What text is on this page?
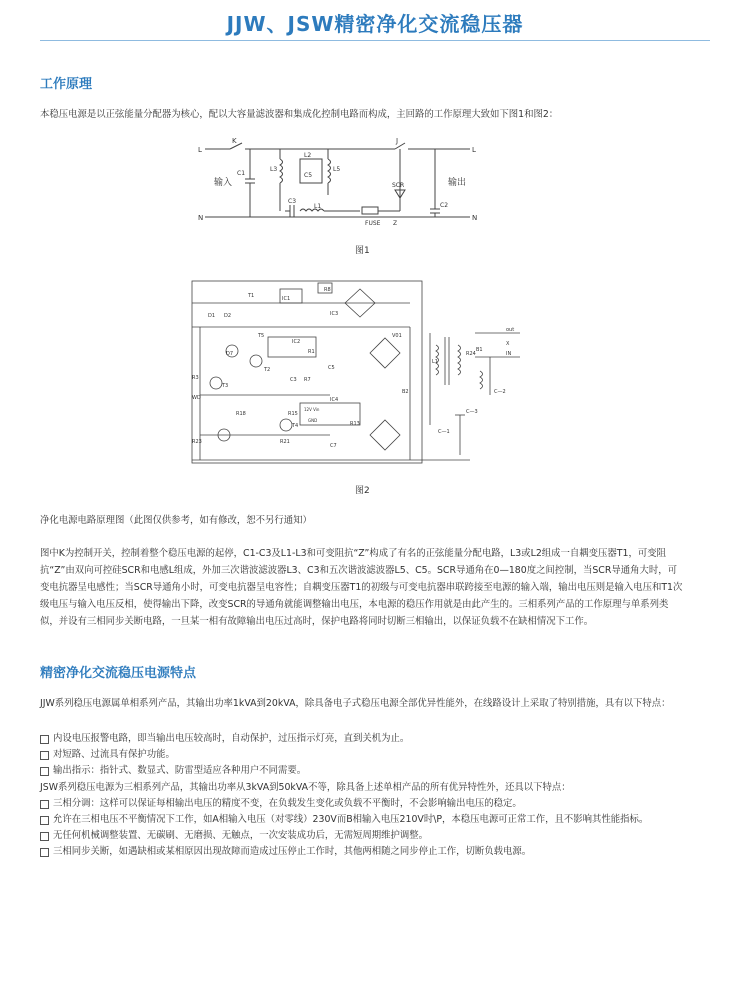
JJW、JSW精密净化交流稳压器
工作原理

本稳压电源是以正弦能量分配器为核心，配以大容量滤波器和集成化控制电路而构成，主回路的工作原理大致如下图1和图2：

L
N
L
N
K	J
C1
L3
L2
C5
L5
C3
L1
FUSE Z
SCR
C2
输入	输出
图1
T1	IC1
R8
IC3
D1 D2
D7
T5
T2
T3
T4
IC2
R1
C3 R7
C5
R3
WD
R18
R23	R21
R15
IC4
12V Vin
GND
R13
C7
V01
B2
L1
R24
B1
out
IN
X
C—2
C—3
C—1
图2

净化电源电路原理图（此图仅供参考，如有修改，恕不另行通知）

图中K为控制开关，控制着整个稳压电源的起停，C1-C3及L1-L3和可变阻抗“Z”构成了有名的正弦能量分配电路，L3或L2组成一自耦变压器T1，可变阻抗“Z”由双向可控硅SCR和电感L组成，外加三次谐波滤波器L3、C3和五次谐波滤波器L5、C5。SCR导通角在0—180度之间控制，当SCR导通角大时，可变电抗器呈电感性；当SCR导通角小时，可变电抗器呈电容性；自耦变压器T1的初级与可变电抗器串联跨接至电源的输入端，输出电压则是输入电压和T1次级电压与输入电压反相，使得输出下降，改变SCR的导通角就能调整输出电压，本电源的稳压作用就是由此产生的。三相系列产品的工作原理与单系列类似，并设有三相同步关断电路，一旦某一相有故障输出电压过高时，保护电路将同时切断三相输出，以保证负载不在缺相情况下工作。

精密净化交流稳压电源特点

JJW系列稳压电源属单相系列产品，其输出功率1kVA到20kVA，除具备电子式稳压电源全部优异性能外，在线路设计上采取了特别措施，具有以下特点：

内设电压报警电路，即当输出电压较高时，自动保护，过压指示灯亮，直到关机为止。
对短路、过流具有保护功能。
输出指示：指针式、数显式、防雷型适应各种用户不同需要。

JSW系列稳压电源为三相系列产品，其输出功率从3kVA到50kVA不等，除具备上述单相产品的所有优异特性外，还具以下特点：

三相分调：这样可以保证每相输出电压的精度不变，在负载发生变化或负载不平衡时，不会影响输出电压的稳定。
允许在三相电压不平衡情况下工作，如A相输入电压（对零线）230V而B相输入电压210V时\P，本稳压电源可正常工作，且不影响其性能指标。
无任何机械调整装置、无碳刷、无磨损、无触点，一次安装成功后，无需短周期维护调整。
三相同步关断，如遇缺相或某相原因出现故障而造成过压停止工作时，其他两相随之同步停止工作，切断负载电源。
